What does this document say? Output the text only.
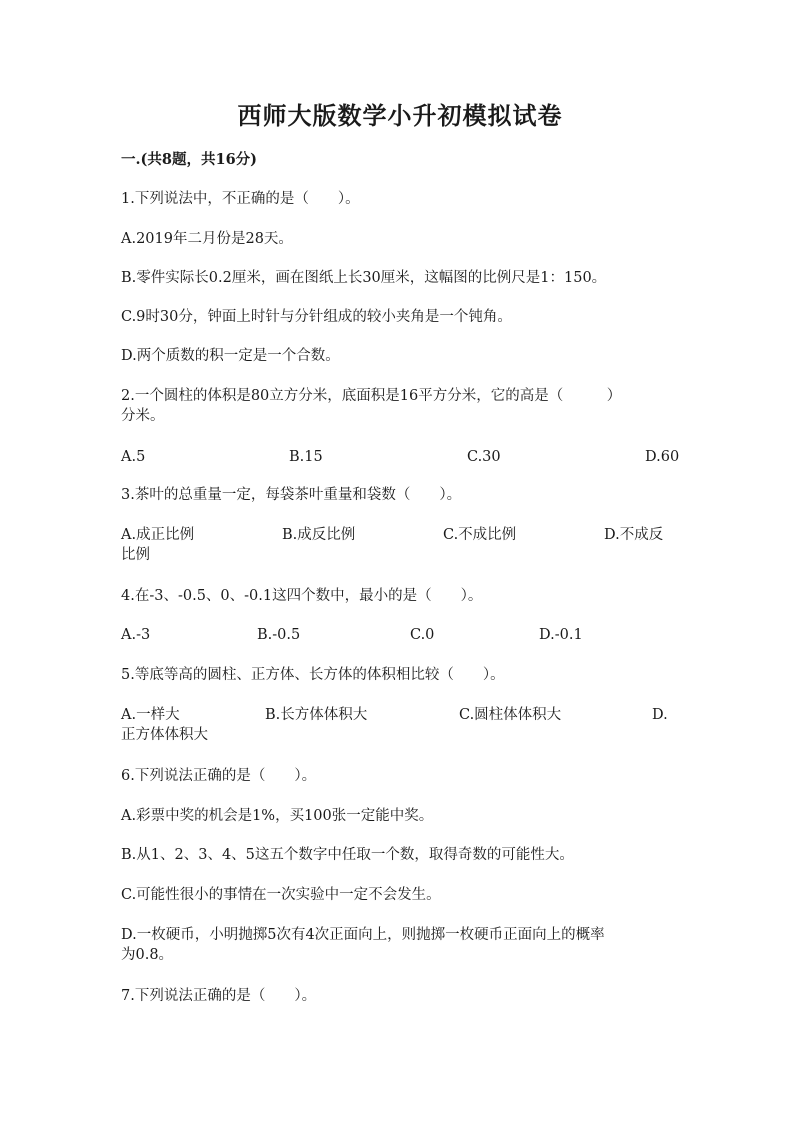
西师大版数学小升初模拟试卷
一.(共8题，共16分)
1.下列说法中，不正确的是（　　）。
A.2019年二月份是28天。
B.零件实际长0.2厘米，画在图纸上长30厘米，这幅图的比例尺是1：150。
C.9时30分，钟面上时针与分针组成的较小夹角是一个钝角。
D.两个质数的积一定是一个合数。
2.一个圆柱的体积是80立方分米，底面积是16平方分米，它的高是（　　　）
分米。
A.5	B.15	C.30	D.60
3.茶叶的总重量一定，每袋茶叶重量和袋数（　　）。
A.成正比例	B.成反比例	C.不成比例	D.不成反
比例
4.在-3、-0.5、0、-0.1这四个数中，最小的是（　　）。
A.-3	B.-0.5	C.0	D.-0.1
5.等底等高的圆柱、正方体、长方体的体积相比较（　　）。
A.一样大	B.长方体体积大	C.圆柱体体积大	D.
正方体体积大
6.下列说法正确的是（　　）。
A.彩票中奖的机会是1%，买100张一定能中奖。
B.从1、2、3、4、5这五个数字中任取一个数，取得奇数的可能性大。
C.可能性很小的事情在一次实验中一定不会发生。
D.一枚硬币，小明抛掷5次有4次正面向上，则抛掷一枚硬币正面向上的概率
为0.8。
7.下列说法正确的是（　　）。
